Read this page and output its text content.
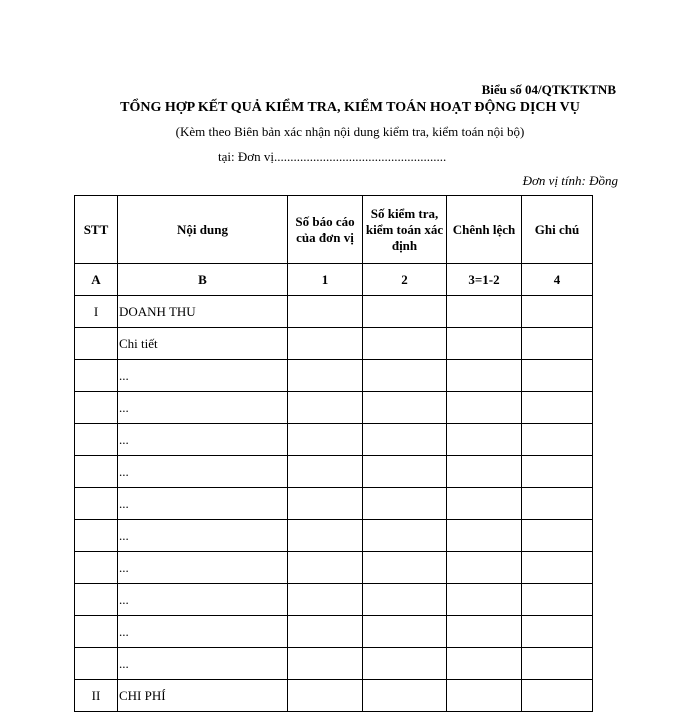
Biểu số 04/QTKTKTNB
TỔNG HỢP KẾT QUẢ KIỂM TRA, KIỂM TOÁN HOẠT ĐỘNG DỊCH VỤ
(Kèm theo Biên bản xác nhận nội dung kiểm tra, kiểm toán nội bộ)
tại: Đơn vị.....................................................
Đơn vị tính: Đồng
STT	Nội dung	Số báo cáo của đơn vị	Số kiểm tra, kiểm toán xác định	Chênh lệch	Ghi chú
A	B	1	2	3=1-2	4
I	DOANH THU				
	Chi tiết				
	...				
	...				
	...				
	...				
	...				
	...				
	...				
	...				
	...				
	...				
II	CHI PHÍ				
